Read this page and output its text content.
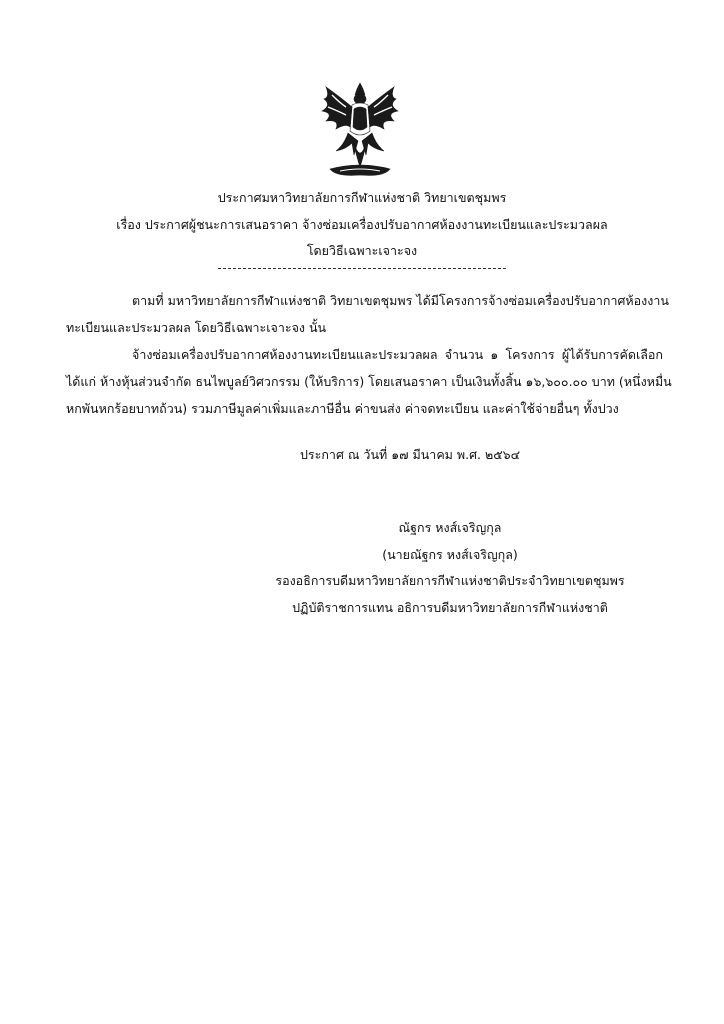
ประกาศมหาวิทยาลัยการกีฬาแห่งชาติ วิทยาเขตชุมพร
เรื่อง ประกาศผู้ชนะการเสนอราคา จ้างซ่อมเครื่องปรับอากาศห้องงานทะเบียนและประมวลผล
โดยวิธีเฉพาะเจาะจง
ตามที่ มหาวิทยาลัยการกีฬาแห่งชาติ วิทยาเขตชุมพร ได้มีโครงการจ้างซ่อมเครื่องปรับอากาศห้องงาน
ทะเบียนและประมวลผล โดยวิธีเฉพาะเจาะจง นั้น
จ้างซ่อมเครื่องปรับอากาศห้องงานทะเบียนและประมวลผล จำนวน ๑ โครงการ ผู้ได้รับการคัดเลือก
ได้แก่ ห้างหุ้นส่วนจำกัด ธนไพบูลย์วิศวกรรม (ให้บริการ) โดยเสนอราคา เป็นเงินทั้งสิ้น ๑๖,๖๐๐.๐๐ บาท (หนึ่งหมื่น
หกพันหกร้อยบาทถ้วน) รวมภาษีมูลค่าเพิ่มและภาษีอื่น ค่าขนส่ง ค่าจดทะเบียน และค่าใช้จ่ายอื่นๆ ทั้งปวง
ประกาศ ณ วันที่ ๑๗ มีนาคม พ.ศ. ๒๕๖๔
ณัฐกร หงส์เจริญกุล
(นายณัฐกร หงส์เจริญกุล)
รองอธิการบดีมหาวิทยาลัยการกีฬาแห่งชาติประจำวิทยาเขตชุมพร
ปฏิบัติราชการแทน อธิการบดีมหาวิทยาลัยการกีฬาแห่งชาติ
